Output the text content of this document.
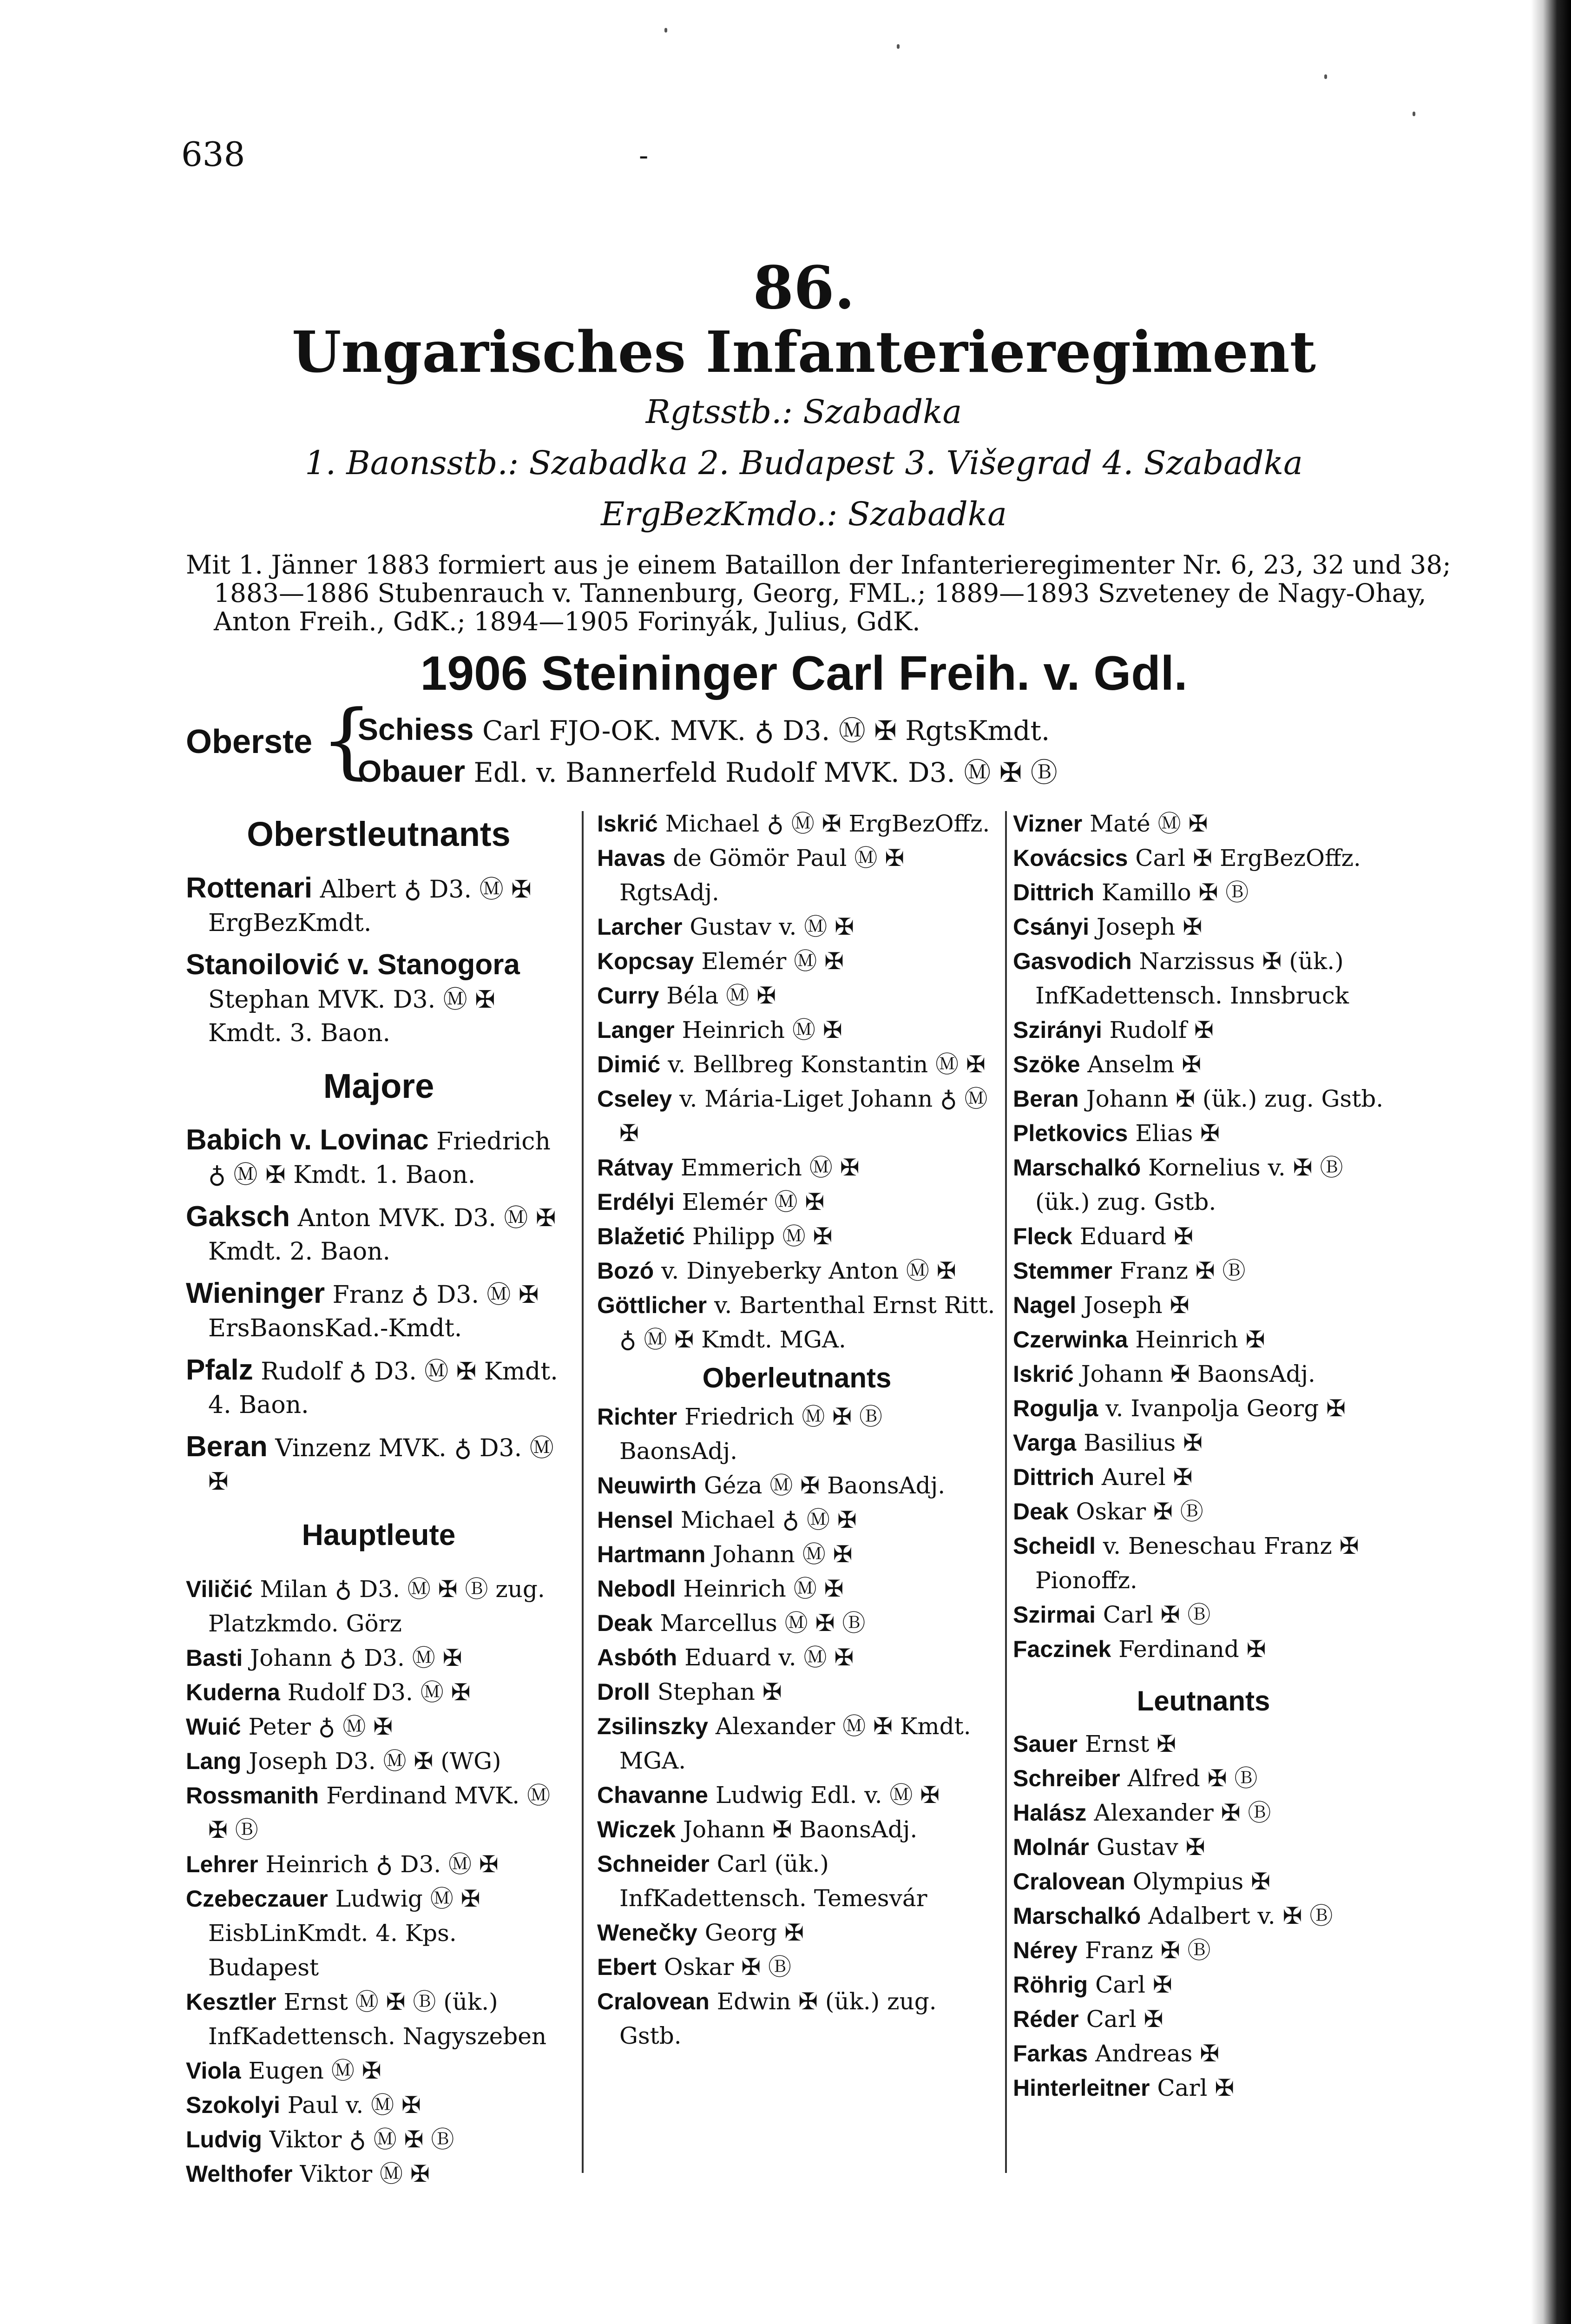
638	-
86.
Ungarisches Infanterieregiment
Rgtsstb.: Szabadka
1. Baonsstb.: Szabadka 2. Budapest 3. Višegrad 4. Szabadka
ErgBezKmdo.: Szabadka
Mit 1. Jänner 1883 formiert aus je einem Bataillon der Infanterieregimenter Nr. 6, 23, 32 und 38;
1883—1886 Stubenrauch v. Tannenburg, Georg, FML.; 1889—1893 Szveteney de Nagy-Ohay,
Anton Freih., GdK.; 1894—1905 Forinyák, Julius, GdK.
1906 Steininger Carl Freih. v. Gdl.
Oberste {
Schiess Carl FJO-OK. MVK. ♁ D3. Ⓜ ✠ RgtsKmdt.
Obauer Edl. v. Bannerfeld Rudolf MVK. D3. Ⓜ ✠ Ⓑ
Oberstleutnants
Rottenari Albert ♁ D3. Ⓜ ✠ ErgBezKmdt.
Stanoilović v. Stanogora Stephan MVK. D3. Ⓜ ✠ Kmdt. 3. Baon.
Majore
Babich v. Lovinac Friedrich ♁ Ⓜ ✠ Kmdt. 1. Baon.
Gaksch Anton MVK. D3. Ⓜ ✠ Kmdt. 2. Baon.
Wieninger Franz ♁ D3. Ⓜ ✠ ErsBaonsKad.-Kmdt.
Pfalz Rudolf ♁ D3. Ⓜ ✠ Kmdt. 4. Baon.
Beran Vinzenz MVK. ♁ D3. Ⓜ ✠
Hauptleute
Viličić Milan ♁ D3. Ⓜ ✠ Ⓑ zug. Platzkmdo. Görz
Basti Johann ♁ D3. Ⓜ ✠
Kuderna Rudolf D3. Ⓜ ✠
Wuić Peter ♁ Ⓜ ✠
Lang Joseph D3. Ⓜ ✠ (WG)
Rossmanith Ferdinand MVK. Ⓜ ✠ Ⓑ
Lehrer Heinrich ♁ D3. Ⓜ ✠
Czebeczauer Ludwig Ⓜ ✠ EisbLinKmdt. 4. Kps. Budapest
Kesztler Ernst Ⓜ ✠ Ⓑ (ük.) InfKadettensch. Nagyszeben
Viola Eugen Ⓜ ✠
Szokolyi Paul v. Ⓜ ✠
Ludvig Viktor ♁ Ⓜ ✠ Ⓑ
Welthofer Viktor Ⓜ ✠
Iskrić Michael ♁ Ⓜ ✠ ErgBezOffz.
Havas de Gömör Paul Ⓜ ✠ RgtsAdj.
Larcher Gustav v. Ⓜ ✠
Kopcsay Elemér Ⓜ ✠
Curry Béla Ⓜ ✠
Langer Heinrich Ⓜ ✠
Dimić v. Bellbreg Konstantin Ⓜ ✠
Cseley v. Mária-Liget Johann ♁ Ⓜ ✠
Rátvay Emmerich Ⓜ ✠
Erdélyi Elemér Ⓜ ✠
Blažetić Philipp Ⓜ ✠
Bozó v. Dinyeberky Anton Ⓜ ✠
Göttlicher v. Bartenthal Ernst Ritt. ♁ Ⓜ ✠ Kmdt. MGA.
Oberleutnants
Richter Friedrich Ⓜ ✠ Ⓑ BaonsAdj.
Neuwirth Géza Ⓜ ✠ BaonsAdj.
Hensel Michael ♁ Ⓜ ✠
Hartmann Johann Ⓜ ✠
Nebodl Heinrich Ⓜ ✠
Deak Marcellus Ⓜ ✠ Ⓑ
Asbóth Eduard v. Ⓜ ✠
Droll Stephan ✠
Zsilinszky Alexander Ⓜ ✠ Kmdt. MGA.
Chavanne Ludwig Edl. v. Ⓜ ✠
Wiczek Johann ✠ BaonsAdj.
Schneider Carl (ük.) InfKadettensch. Temesvár
Wenečky Georg ✠
Ebert Oskar ✠ Ⓑ
Cralovean Edwin ✠ (ük.) zug. Gstb.
Vizner Maté Ⓜ ✠
Kovácsics Carl ✠ ErgBezOffz.
Dittrich Kamillo ✠ Ⓑ
Csányi Joseph ✠
Gasvodich Narzissus ✠ (ük.) InfKadettensch. Innsbruck
Szirányi Rudolf ✠
Szöke Anselm ✠
Beran Johann ✠ (ük.) zug. Gstb.
Pletkovics Elias ✠
Marschalkó Kornelius v. ✠ Ⓑ (ük.) zug. Gstb.
Fleck Eduard ✠
Stemmer Franz ✠ Ⓑ
Nagel Joseph ✠
Czerwinka Heinrich ✠
Iskrić Johann ✠ BaonsAdj.
Rogulja v. Ivanpolja Georg ✠
Varga Basilius ✠
Dittrich Aurel ✠
Deak Oskar ✠ Ⓑ
Scheidl v. Beneschau Franz ✠ Pionoffz.
Szirmai Carl ✠ Ⓑ
Faczinek Ferdinand ✠
Leutnants
Sauer Ernst ✠
Schreiber Alfred ✠ Ⓑ
Halász Alexander ✠ Ⓑ
Molnár Gustav ✠
Cralovean Olympius ✠
Marschalkó Adalbert v. ✠ Ⓑ
Nérey Franz ✠ Ⓑ
Röhrig Carl ✠
Réder Carl ✠
Farkas Andreas ✠
Hinterleitner Carl ✠
